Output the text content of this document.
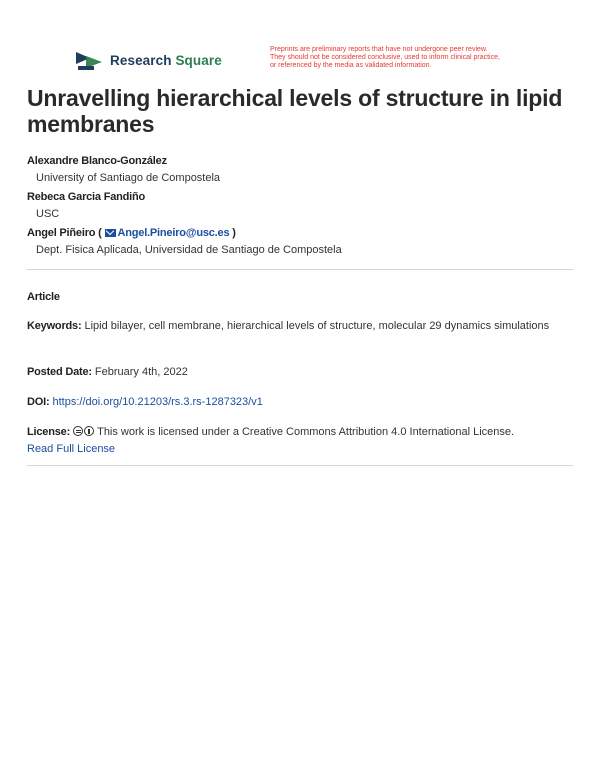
Research Square
Preprints are preliminary reports that have not undergone peer review.
They should not be considered conclusive, used to inform clinical practice,
or referenced by the media as validated information.
Unravelling hierarchical levels of structure in lipid membranes
Alexandre Blanco-González
University of Santiago de Compostela
Rebeca Garcia Fandiño
USC
Angel Piñeiro ( Angel.Pineiro@usc.es )
Dept. Fisica Aplicada, Universidad de Santiago de Compostela
Article
Keywords: Lipid bilayer, cell membrane, hierarchical levels of structure, molecular 29 dynamics simulations
Posted Date: February 4th, 2022
DOI: https://doi.org/10.21203/rs.3.rs-1287323/v1
License: This work is licensed under a Creative Commons Attribution 4.0 International License.
Read Full License
